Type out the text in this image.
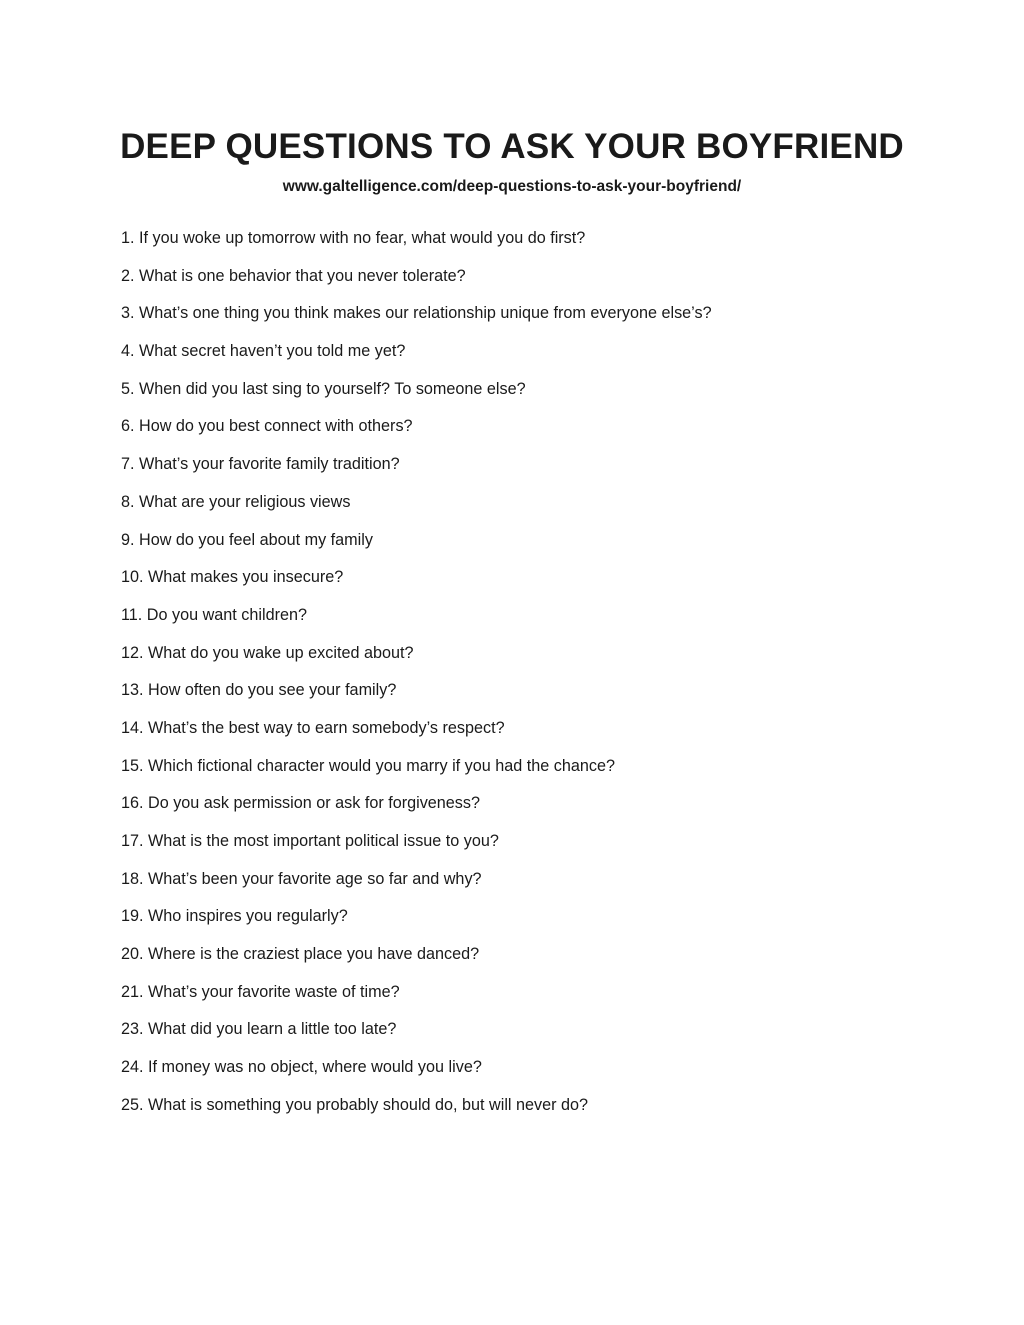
DEEP QUESTIONS TO ASK YOUR BOYFRIEND
www.galtelligence.com/deep-questions-to-ask-your-boyfriend/
1. If you woke up tomorrow with no fear, what would you do first?
2. What is one behavior that you never tolerate?
3. What’s one thing you think makes our relationship unique from everyone else’s?
4. What secret haven’t you told me yet?
5. When did you last sing to yourself? To someone else?
6. How do you best connect with others?
7. What’s your favorite family tradition?
8. What are your religious views
9. How do you feel about my family
10. What makes you insecure?
11. Do you want children?
12. What do you wake up excited about?
13. How often do you see your family?
14. What’s the best way to earn somebody’s respect?
15. Which fictional character would you marry if you had the chance?
16. Do you ask permission or ask for forgiveness?
17. What is the most important political issue to you?
18. What’s been your favorite age so far and why?
19. Who inspires you regularly?
20. Where is the craziest place you have danced?
21. What’s your favorite waste of time?
23. What did you learn a little too late?
24. If money was no object, where would you live?
25. What is something you probably should do, but will never do?
